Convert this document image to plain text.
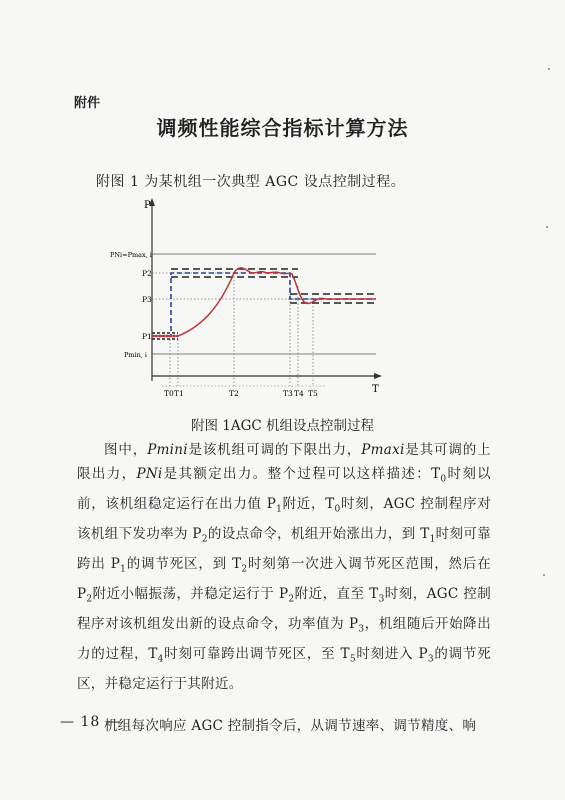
附件
调频性能综合指标计算方法
附图 1 为某机组一次典型 AGC 设点控制过程。
P
T
PNi=Pmax, i
P2
P3
P1
Pmin, i
T0 T1	T2	T3 T4 T5
附图 1AGC 机组设点控制过程

图中，Pmini是该机组可调的下限出力，Pmaxi是其可调的上限出力，PNi是其额定出力。整个过程可以这样描述：$T_0$时刻以前，该机组稳定运行在出力值 $P_1$附近，$T_0$时刻，AGC 控制程序对该机组下发功率为 $P_2$的设点命令，机组开始涨出力，到 $T_1$时刻可靠跨出 $P_1$的调节死区，到 $T_2$时刻第一次进入调节死区范围，然后在 $P_2$附近小幅振荡，并稳定运行于 $P_2$附近，直至 $T_3$时刻，AGC 控制程序对该机组发出新的设点命令，功率值为 $P_3$，机组随后开始降出力的过程，$T_4$时刻可靠跨出调节死区，至 $T_5$时刻进入 $P_3$的调节死区，并稳定运行于其附近。

机组每次响应 AGC 控制指令后，从调节速率、调节精度、响

— 18 —
